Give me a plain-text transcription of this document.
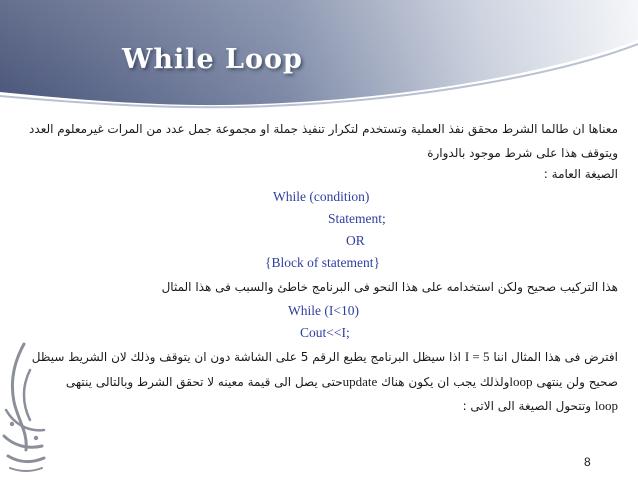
While Loop
معناها ان طالما الشرط محقق نفذ العملية وتستخدم لتكرار تنفيذ جملة او مجموعة جمل عدد من المرات غيرمعلوم العدد
ويتوقف هذا على شرط موجود بالدوارة
الصيغة العامة :
While (condition)
Statement;
OR
{Block of statement}
هذا التركيب صحيح ولكن استخدامه على هذا النحو فى البرنامج خاطئ والسبب فى هذا المثال
While (I<10)
Cout<<I;
افترض فى هذا المثال اننا I = 5 اذا سيظل البرنامج يطبع الرقم 5 على الشاشة دون ان يتوقف وذلك لان الشريط سيظل
صحيح ولن ينتهى loopولذلك يجب ان يكون هناك updateحتى يصل الى قيمة معينه لا تحقق الشرط وبالتالى ينتهى
loop وتتحول الصيغة الى الاتى :
8
